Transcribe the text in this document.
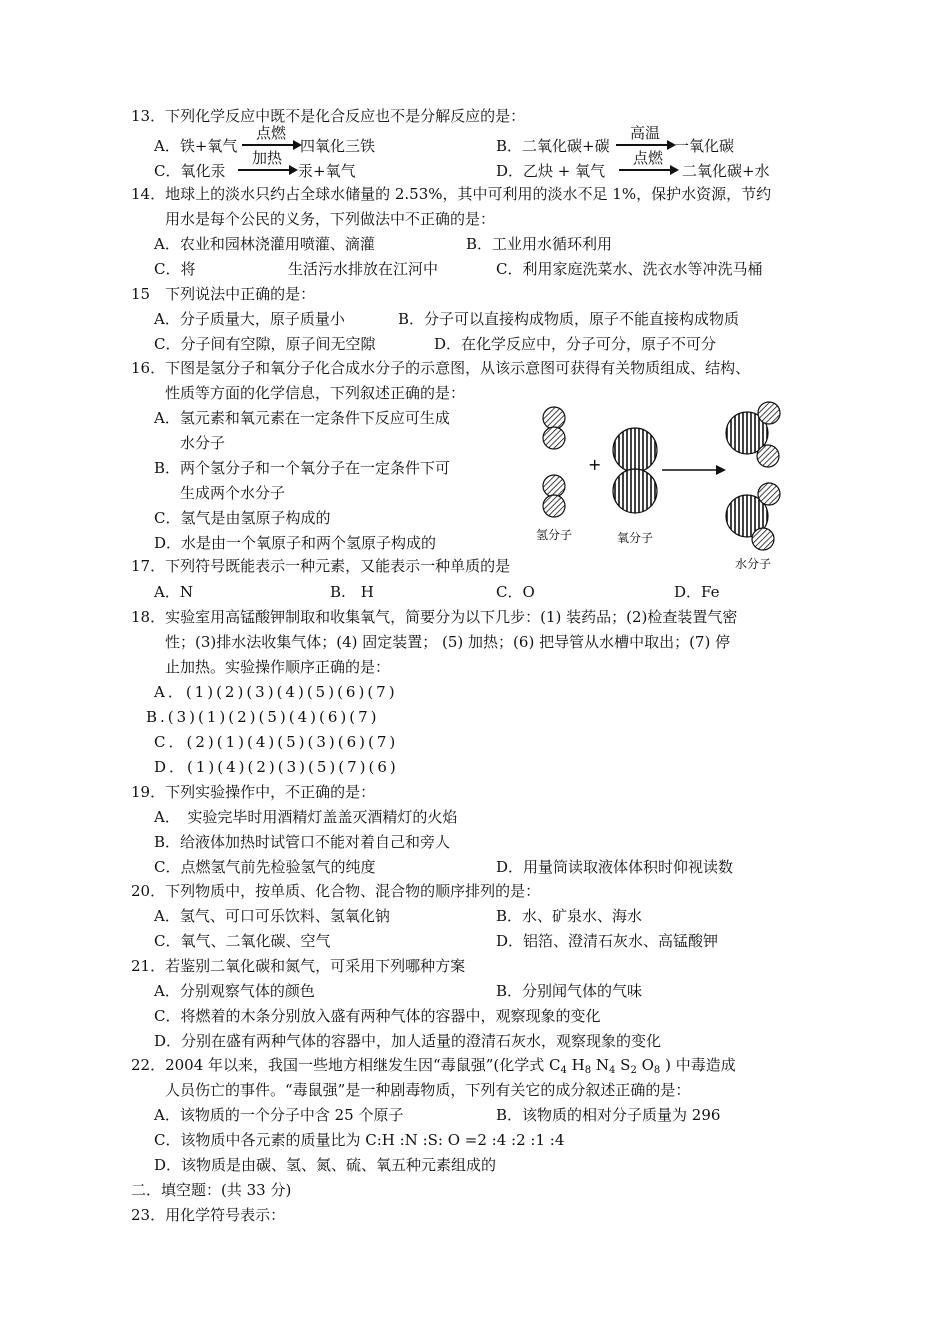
13．下列化学反应中既不是化合反应也不是分解反应的是：
A．铁+氧气
点燃
四氧化三铁	B．二氧化碳+碳
高温
一氧化碳
C．氧化汞
加热
汞+氧气	D．乙炔 + 氧气
点燃
二氧化碳+水
14．地球上的淡水只约占全球水储量的 2.53%，其中可利用的淡水不足 1%，保护水资源，节约
用水是每个公民的义务，下列做法中不正确的是：
A．农业和园林浇灌用喷灌、滴灌	B．工业用水循环利用
C．将	生活污水排放在江河中	C．利用家庭洗菜水、洗衣水等冲洗马桶
15　下列说法中正确的是：
A．分子质量大，原子质量小	B．分子可以直接构成物质，原子不能直接构成物质
C．分子间有空隙，原子间无空隙	D．在化学反应中，分子可分，原子不可分
16．下图是氢分子和氧分子化合成水分子的示意图，从该示意图可获得有关物质组成、结构、
性质等方面的化学信息，下列叙述正确的是：
A．氢元素和氧元素在一定条件下反应可生成
水分子
B．两个氢分子和一个氧分子在一定条件下可
生成两个水分子
C．氢气是由氢原子构成的
D．水是由一个氧原子和两个氢原子构成的
+
氢分子	氧分子
水分子
17．下列符号既能表示一种元素，又能表示一种单质的是
A．N	B.　H	C．O	D．Fe
18．实验室用高锰酸钾制取和收集氧气，简要分为以下几步：(1) 装药品；(2)检查装置气密
性；(3)排水法收集气体；(4) 固定装置； (5) 加热；(6) 把导管从水槽中取出；(7) 停
止加热。实验操作顺序正确的是：
A．(1)(2)(3)(4)(5)(6)(7)
B.(3)(1)(2)(5)(4)(6)(7)
C．(2)(1)(4)(5)(3)(6)(7)
D．(1)(4)(2)(3)(5)(7)(6)
19．下列实验操作中，不正确的是：
A．　实验完毕时用酒精灯盖盖灭酒精灯的火焰
B．给液体加热时试管口不能对着自己和旁人
C．点燃氢气前先检验氢气的纯度	D．用量筒读取液体体积时仰视读数
20．下列物质中，按单质、化合物、混合物的顺序排列的是：
A．氢气、可口可乐饮料、氢氧化钠	B．水、矿泉水、海水
C．氧气、二氧化碳、空气	D．铝箔、澄清石灰水、高锰酸钾
21．若鉴别二氧化碳和氮气，可采用下列哪种方案
A．分别观察气体的颜色	B．分别闻气体的气味
C．将燃着的木条分别放入盛有两种气体的容器中，观察现象的变化
D．分别在盛有两种气体的容器中，加人适量的澄清石灰水，观察现象的变化
22．2004 年以来，我国一些地方相继发生因“毒鼠强”(化学式 $C_4$ $H_8$ $N_4$ $S_2$ $O_8$ ) 中毒造成
人员伤亡的事件。“毒鼠强”是一种剧毒物质，下列有关它的成分叙述正确的是：
A．该物质的一个分子中含 25 个原子	B．该物质的相对分子质量为 296
C．该物质中各元素的质量比为 C:H :N :S: O =2 :4 :2 :1 :4
D．该物质是由碳、氢、氮、硫、氧五种元素组成的
二．填空题：(共 33 分)
23．用化学符号表示：
